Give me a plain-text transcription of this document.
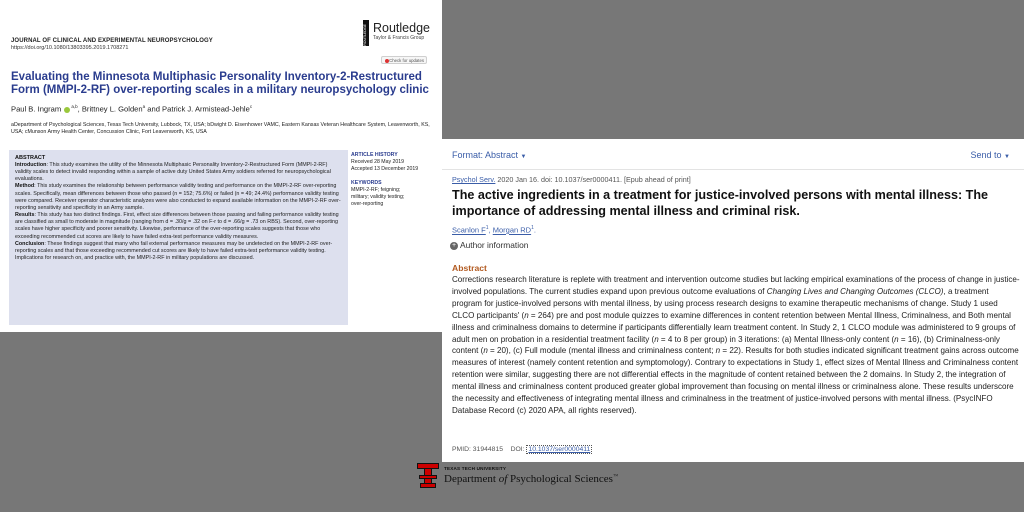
JOURNAL OF CLINICAL AND EXPERIMENTAL NEUROPSYCHOLOGY
https://doi.org/10.1080/13803395.2019.1708271
ROUTLEDGE Routledge
Taylor & Francis Group
Check for updates
Evaluating the Minnesota Multiphasic Personality Inventory-2-Restructured Form (MMPI-2-RF) over-reporting scales in a military neuropsychology clinic
Paul B. Ingram $^{a,b}$, Brittney L. Golden$^a$ and Patrick J. Armistead-Jehle$^c$
aDepartment of Psychological Sciences, Texas Tech University, Lubbock, TX, USA; bDwight D. Eisenhower VAMC, Eastern Kansas Veteran Healthcare System, Leavenworth, KS, USA; cMunson Army Health Center, Concussion Clinic, Fort Leavenworth, KS, USA
ABSTRACT

Introduction: This study examines the utility of the Minnesota Multiphasic Personality Inventory-2-Restructured Form (MMPI-2-RF) validity scales to detect invalid responding within a sample of active duty United States Army soldiers referred for neuropsychological evaluations.

Method: This study examines the relationship between performance validity testing and performance on the MMPI-2-RF over-reporting scales. Specifically, mean differences between those who passed (n = 152; 75.6%) or failed (n = 49; 24.4%) performance validity testing were compared. Receiver operator characteristic analyzes were also conducted to expand available information on the MMPI-2-RF over-reporting sensitivity and specificity in an Army sample.

Results: This study has two distinct findings. First, effect size differences between those passing and failing performance validity testing are classified as small to moderate in magnitude (ranging from d = .30/g = .32 on F-r to d = .66/g = .73 on RBS). Second, over-reporting scales have higher specificity and poorer sensitivity. Likewise, performance of the over-reporting scales suggests that those who exceeding recommended cut scores are likely to have failed extra-test performance validity measures.

Conclusion: These findings suggest that many who fail external performance measures may be undetected on the MMPI-2-RF over-reporting scales and that those exceeding recommended cut scores are likely to have failed extra-test performance validity testing. Implications for research on, and practice with, the MMPI-2-RF in military populations are discussed.

ARTICLE HISTORY
Received 28 May 2019
Accepted 13 December 2019
KEYWORDS
MMPI-2-RF; feigning;
military; validity testing;
over-reporting
Format: Abstract ▼	Send to ▼
Psychol Serv. 2020 Jan 16. doi: 10.1037/ser0000411. [Epub ahead of print]
The active ingredients in a treatment for justice-involved persons with mental illness: The importance of addressing mental illness and criminal risk.
Scanlon $F^1$, Morgan $RD^1$.
+ Author information
Abstract

Corrections research literature is replete with treatment and intervention outcome studies but lacking empirical examinations of the process of change in justice-involved populations. The current studies expand upon previous outcome evaluations of Changing Lives and Changing Outcomes (CLCO), a treatment program for justice-involved persons with mental illness, by using process research designs to examine therapeutic mechanisms of change. Study 1 used CLCO participants' (n = 264) pre and post module quizzes to examine differences in content retention between Mental Illness, Criminalness, and Both mental illness and criminalness domains to determine if participants differentially learn treatment content. In Study 2, 1 CLCO module was administered to 9 groups of adult men on probation in a residential treatment facility (n = 4 to 8 per group) in 3 iterations: (a) Mental Illness-only content (n = 16), (b) Criminalness-only content (n = 20), (c) Full module (mental illness and criminalness content; n = 22). Results for both studies indicated significant treatment gains across outcome measures of interest (namely content retention and symptomology). Contrary to expectations in Study 1, effect sizes of Mental Illness and Criminalness content retention were similar, suggesting there are not differential effects in the magnitude of content retained between the 2 domains. In Study 2, the integration of mental illness and criminalness content produced greater global improvement than focusing on mental illness or criminalness alone. These results underscore the necessity and effectiveness of integrating mental illness and criminalness in the treatment of justice-involved persons with mental illness. (PsycINFO Database Record (c) 2020 APA, all rights reserved).

PMID: 31944815 DOI: 10.1037/ser0000411
TEXAS TECH UNIVERSITY
Department of Psychological Sciences™
